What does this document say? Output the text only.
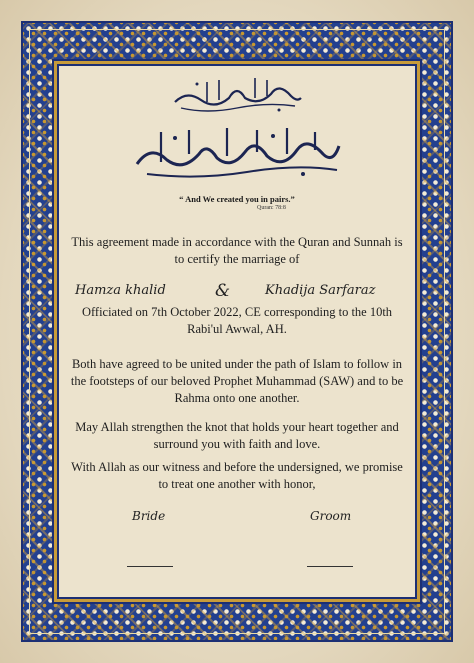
“ And We created you in pairs.”
Quran: 78:8
This agreement made in accordance with the Quran and Sunnah is to certify the marriage of
Hamza khalid	&	Khadija Sarfaraz
Officiated on 7th October 2022, CE corresponding to the 10th Rabi'ul Awwal, AH.
Both have agreed to be united under the path of Islam to follow in the footsteps of our beloved Prophet Muhammad (SAW) and to be Rahma onto one another.
May Allah strengthen the knot that holds your heart together and surround you with faith and love.
With Allah as our witness and before the undersigned, we promise to treat one another with honor,
Bride	Groom
